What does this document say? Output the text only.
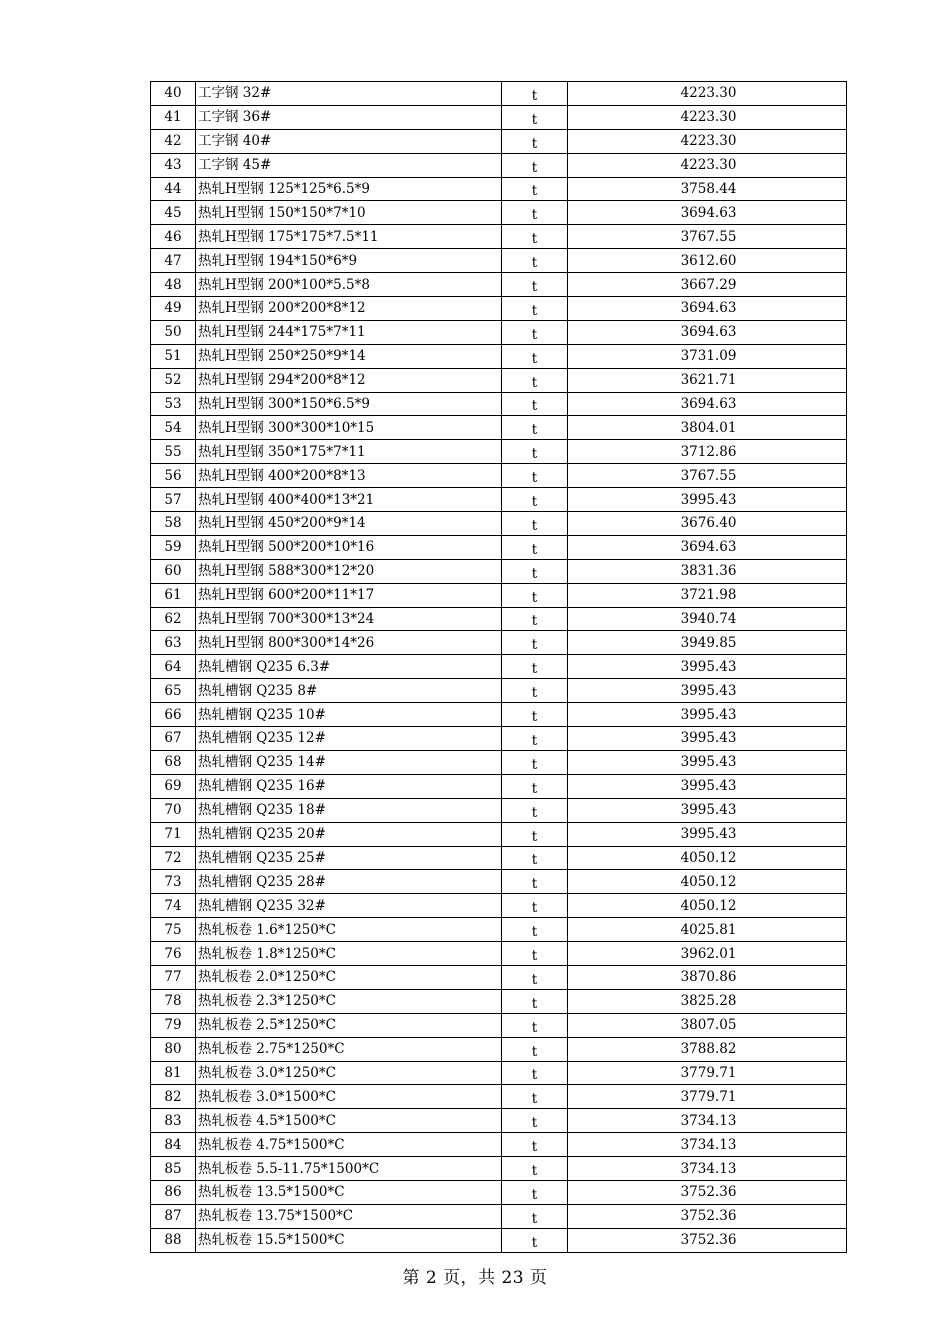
40	工字钢 32#	t	4223.30
41	工字钢 36#	t	4223.30
42	工字钢 40#	t	4223.30
43	工字钢 45#	t	4223.30
44	热轧H型钢 125*125*6.5*9	t	3758.44
45	热轧H型钢 150*150*7*10	t	3694.63
46	热轧H型钢 175*175*7.5*11	t	3767.55
47	热轧H型钢 194*150*6*9	t	3612.60
48	热轧H型钢 200*100*5.5*8	t	3667.29
49	热轧H型钢 200*200*8*12	t	3694.63
50	热轧H型钢 244*175*7*11	t	3694.63
51	热轧H型钢 250*250*9*14	t	3731.09
52	热轧H型钢 294*200*8*12	t	3621.71
53	热轧H型钢 300*150*6.5*9	t	3694.63
54	热轧H型钢 300*300*10*15	t	3804.01
55	热轧H型钢 350*175*7*11	t	3712.86
56	热轧H型钢 400*200*8*13	t	3767.55
57	热轧H型钢 400*400*13*21	t	3995.43
58	热轧H型钢 450*200*9*14	t	3676.40
59	热轧H型钢 500*200*10*16	t	3694.63
60	热轧H型钢 588*300*12*20	t	3831.36
61	热轧H型钢 600*200*11*17	t	3721.98
62	热轧H型钢 700*300*13*24	t	3940.74
63	热轧H型钢 800*300*14*26	t	3949.85
64	热轧槽钢 Q235 6.3#	t	3995.43
65	热轧槽钢 Q235 8#	t	3995.43
66	热轧槽钢 Q235 10#	t	3995.43
67	热轧槽钢 Q235 12#	t	3995.43
68	热轧槽钢 Q235 14#	t	3995.43
69	热轧槽钢 Q235 16#	t	3995.43
70	热轧槽钢 Q235 18#	t	3995.43
71	热轧槽钢 Q235 20#	t	3995.43
72	热轧槽钢 Q235 25#	t	4050.12
73	热轧槽钢 Q235 28#	t	4050.12
74	热轧槽钢 Q235 32#	t	4050.12
75	热轧板卷 1.6*1250*C	t	4025.81
76	热轧板卷 1.8*1250*C	t	3962.01
77	热轧板卷 2.0*1250*C	t	3870.86
78	热轧板卷 2.3*1250*C	t	3825.28
79	热轧板卷 2.5*1250*C	t	3807.05
80	热轧板卷 2.75*1250*C	t	3788.82
81	热轧板卷 3.0*1250*C	t	3779.71
82	热轧板卷 3.0*1500*C	t	3779.71
83	热轧板卷 4.5*1500*C	t	3734.13
84	热轧板卷 4.75*1500*C	t	3734.13
85	热轧板卷 5.5-11.75*1500*C	t	3734.13
86	热轧板卷 13.5*1500*C	t	3752.36
87	热轧板卷 13.75*1500*C	t	3752.36
88	热轧板卷 15.5*1500*C	t	3752.36
第 2 页，共 23 页
